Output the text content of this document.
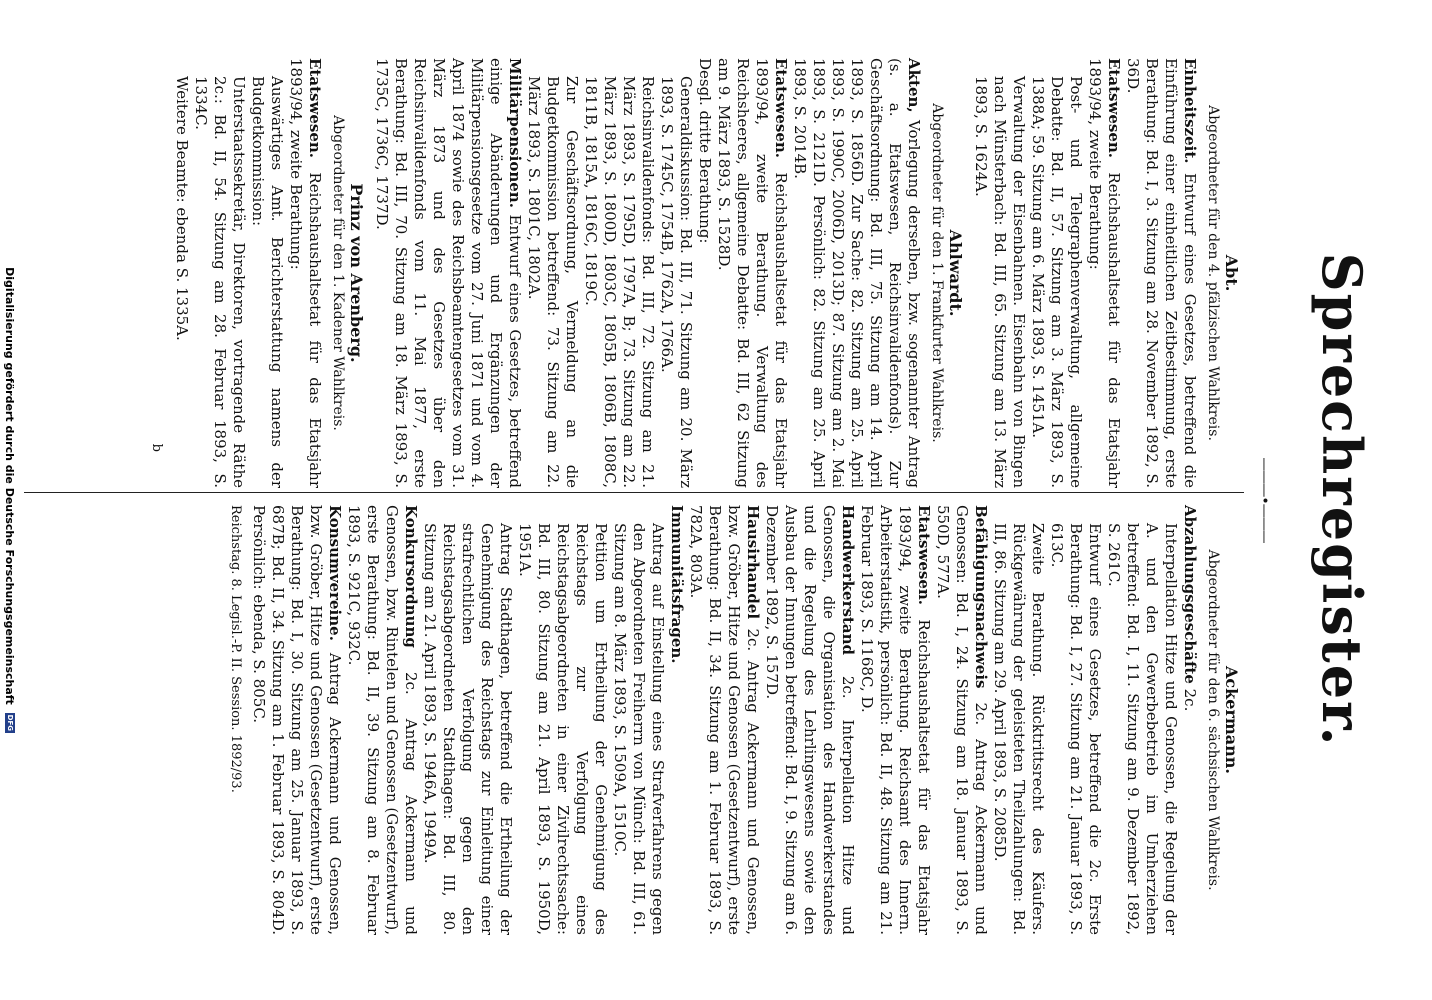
Sprechregister.
———•———
Ackermann.
Abgeordneter für den 6. sächsischen Wahlkreis.

Abzahlungsgeschäfte 2c.

Interpellation Hitze und Genossen, die Regelung der A. und den Gewerbebetrieb im Umherziehen betreffend: Bd. I, 11. Sitzung am 9. Dezember 1892, S. 261C.

Entwurf eines Gesetzes, betreffend die 2c. Erste Berathung: Bd. I, 27. Sitzung am 21. Januar 1893, S. 613C.

Zweite Berathung. Rücktrittsrecht des Käufers. Rückgewährung der geleisteten Theilzahlungen: Bd. III, 86. Sitzung am 29. April 1893, S. 2085D.

Befähigungsnachweis 2c. Antrag Ackermann und Genossen: Bd. I, 24. Sitzung am 18. Januar 1893, S. 550D, 577A.

Etatswesen. Reichshaushaltsetat für das Etatsjahr 1893/94, zweite Berathung. Reichsamt des Innern. Arbeiterstatistik, persönlich: Bd. II, 48. Sitzung am 21. Februar 1893, S. 1168C, D.

Handwerkerstand 2c. Interpellation Hitze und Genossen, die Organisation des Handwerkerstandes und die Regelung des Lehrlingswesens sowie den Ausbau der Innungen betreffend: Bd. I, 9. Sitzung am 6. Dezember 1892, S. 157D.

Hausirhandel 2c. Antrag Ackermann und Genossen, bzw. Gröber, Hitze und Genossen (Gesetzentwurf), erste Berathung: Bd. II, 34. Sitzung am 1. Februar 1893, S. 782A, 803A.

Immunitätsfragen.

Antrag auf Einstellung eines Strafverfahrens gegen den Abgeordneten Freiherrn von Münch: Bd. III, 61. Sitzung am 8. März 1893, S. 1509A, 1510C.

Petition um Ertheilung der Genehmigung des Reichstags zur Verfolgung eines Reichstagsabgeordneten in einer Zivilrechtssache: Bd. III, 80. Sitzung am 21. April 1893, S. 1950D, 1951A.

Antrag Stadthagen, betreffend die Ertheilung der Genehmigung des Reichstags zur Einleitung einer strafrechtlichen Verfolgung gegen den Reichstagsabgeordneten Stadthagen: Bd. III, 80. Sitzung am 21. April 1893, S. 1946A, 1949A.

Konkursordnung 2c. Antrag Ackermann und Genossen, bzw. Rintelen und Genossen (Gesetzentwurf), erste Berathung: Bd. II, 39. Sitzung am 8. Februar 1893, S. 921C, 932C.

Konsumvereine. Antrag Ackermann und Genossen, bzw. Gröber, Hitze und Genossen (Gesetzentwurf), erste Berathung: Bd. I, 30. Sitzung am 25. Januar 1893, S. 687B; Bd. II, 34. Sitzung am 1. Februar 1893, S. 804D. Persönlich: ebenda, S. 805C.

Reichstag. 8. Legisl.-P. II. Session. 1892/93.

Abt.
Abgeordneter für den 4. pfälzischen Wahlkreis.

Einheitszeit. Entwurf eines Gesetzes, betreffend die Einführung einer einheitlichen Zeitbestimmung, erste Berathung: Bd. I, 3. Sitzung am 28. November 1892, S. 36D.

Etatswesen. Reichshaushaltsetat für das Etatsjahr 1893/94, zweite Berathung:

Post- und Telegraphenverwaltung, allgemeine Debatte: Bd. II, 57. Sitzung am 3. März 1893, S. 1388A; 59. Sitzung am 6. März 1893, S. 1451A.

Verwaltung der Eisenbahnen. Eisenbahn von Bingen nach Münsterbach: Bd. III, 65. Sitzung am 13. März 1893, S. 1624A.

Ahlwardt.
Abgeordneter für den 1. Frankfurter Wahlkreis.

Akten, Vorlegung derselben, bzw. sogenannter Antrag (s. a. Etatswesen, Reichsinvalidenfonds). Zur Geschäftsordnung: Bd. III, 75. Sitzung am 14. April 1893, S. 1856D. Zur Sache: 82. Sitzung am 25. April 1893, S. 1990C, 2006D, 2013D; 87. Sitzung am 2. Mai 1893, S. 2121D. Persönlich: 82. Sitzung am 25. April 1893, S. 2014B.

Etatswesen. Reichshaushaltsetat für das Etatsjahr 1893/94, zweite Berathung. Verwaltung des Reichsheeres, allgemeine Debatte: Bd. III, 62 Sitzung am 9. März 1893, S. 1528D.

Desgl. dritte Berathung:

Generaldiskussion: Bd. III, 71. Sitzung am 20. März 1893, S. 1745C, 1754B, 1762A, 1766A.

Reichsinvalidenfonds: Bd. III, 72. Sitzung am 21. März 1893, S. 1795D, 1797A, B; 73. Sitzung am 22. März 1893, S. 1800D, 1803C, 1805B, 1806B, 1808C, 1811B, 1815A, 1816C, 1819C.

Zur Geschäftsordnung, Vermeldung an die Budgetkommission betreffend: 73. Sitzung am 22. März 1893, S. 1801C, 1802A.

Militärpensionen. Entwurf eines Gesetzes, betreffend einige Abänderungen und Ergänzungen der Militärpensionsgesetze vom 27. Juni 1871 und vom 4. April 1874 sowie des Reichsbeamtengesetzes vom 31. März 1873 und des Gesetzes über den Reichsinvalidenfonds vom 11. Mai 1877, erste Berathung: Bd. III, 70. Sitzung am 18. März 1893, S. 1735C, 1736C, 1737D.

Prinz von Arenberg.
Abgeordneter für den 1. Kadener Wahlkreis.

Etatswesen. Reichshaushaltsetat für das Etatsjahr 1893/94, zweite Berathung:

Auswärtiges Amt. Berichterstattung namens der Budgetkommission:

Unterstaatssekretär, Direktoren, vortragende Räthe 2c.: Bd. II, 54. Sitzung am 28. Februar 1893, S. 1334C.

Weitere Beamte: ebenda S. 1335A.

b
Digitalisierung gefördert durch die Deutsche Forschungsgemeinschaft
DFG
